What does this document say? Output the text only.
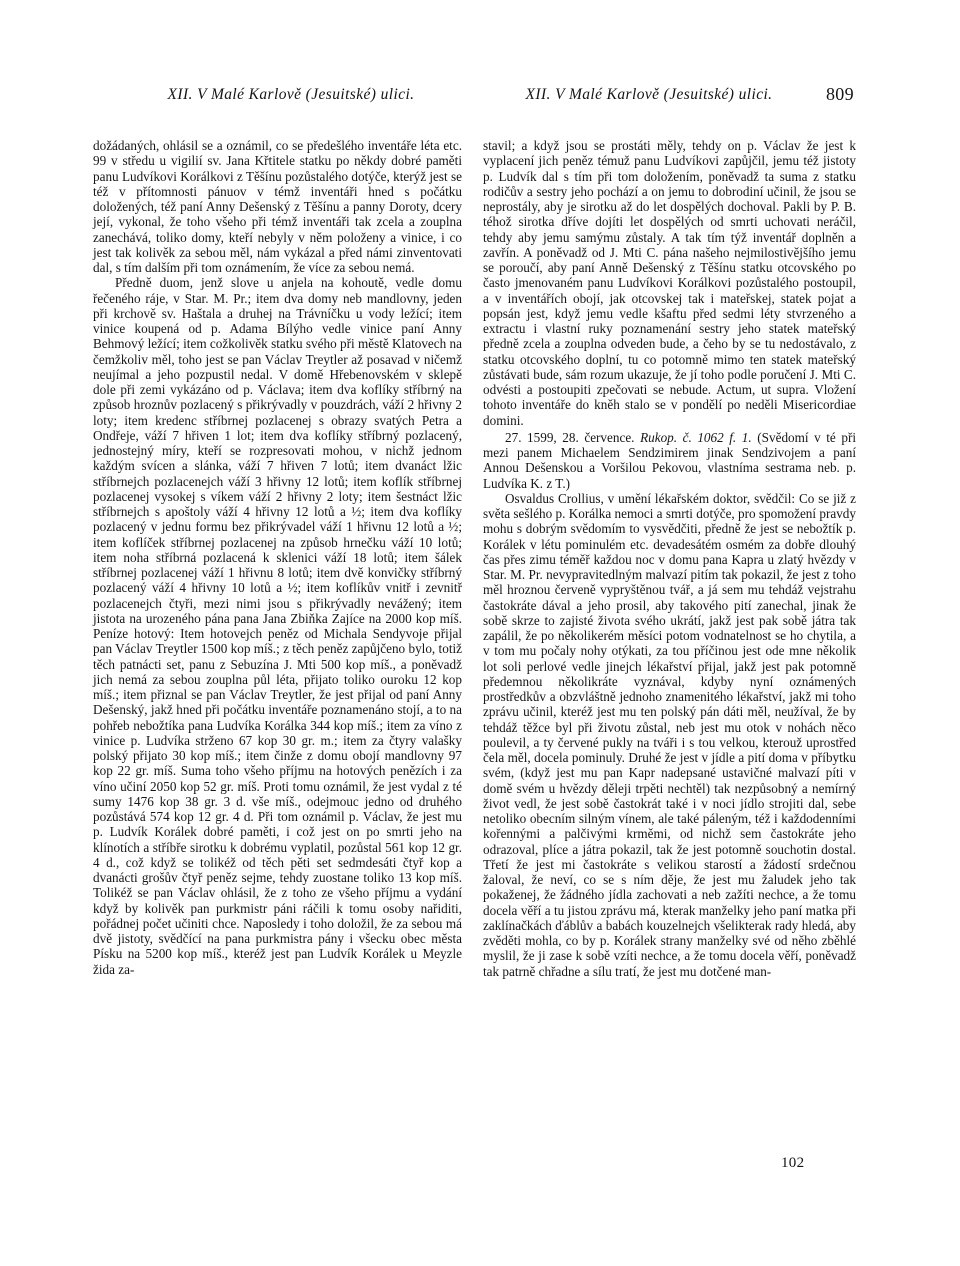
XII. V Malé Karlově (Jesuitské) ulici.	XII. V Malé Karlově (Jesuitské) ulici.	809

dožádaných, ohlásil se a oznámil, co se předešlého inventáře léta etc. 99 v středu u vigilií sv. Jana Křtitele statku po někdy dobré paměti panu Ludvíkovi Korálkovi z Těšínu pozůstalého dotýče, kterýž jest se též v přítomnosti pánuov v témž inventáři hned s počátku doložených, též paní Anny Dešenský z Těšínu a panny Doroty, dcery její, vykonal, že toho všeho při témž inventáři tak zcela a zouplna zanechává, toliko domy, kteří nebyly v něm položeny a vinice, i co jest tak kolivěk za sebou měl, nám vykázal a před námi zinventovati dal, s tím dalším při tom oznámením, že více za sebou nemá.

Předně duom, jenž slove u anjela na kohoutě, vedle domu řečeného ráje, v Star. M. Pr.; item dva domy neb mandlovny, jeden při krchově sv. Haštala a druhej na Trávníčku u vody ležící; item vinice koupená od p. Adama Bílýho vedle vinice paní Anny Behmový ležící; item cožkolivěk statku svého při městě Klatovech na čemžkoliv měl, toho jest se pan Václav Treytler až posavad v ničemž neujímal a jeho pozpustil nedal. V domě Hřebenovském v sklepě dole při zemi vykázáno od p. Václava; item dva koflíky stříbrný na způsob hroznův pozlacený s přikrývadly v pouzdrách, váží 2 hřivny 2 loty; item kredenc stříbrnej pozlacenej s obrazy svatých Petra a Ondřeje, váží 7 hřiven 1 lot; item dva koflíky stříbrný pozlacený, jednostejný míry, kteří se rozpresovati mohou, v nichž jednom každým svícen a slánka, váží 7 hřiven 7 lotů; item dvanáct lžic stříbrnejch pozlacenejch váží 3 hřivny 12 lotů; item koflík stříbrnej pozlacenej vysokej s víkem váží 2 hřivny 2 loty; item šestnáct lžic stříbrnejch s apoštoly váží 4 hřivny 12 lotů a ½; item dva koflíky pozlacený v jednu formu bez přikrývadel váží 1 hřivnu 12 lotů a ½; item koflíček stříbrnej pozlacenej na způsob hrnečku váží 10 lotů; item noha stříbrná pozlacená k sklenici váží 18 lotů; item šálek stříbrnej pozlacenej váží 1 hřivnu 8 lotů; item dvě konvičky stříbrný pozlacený váží 4 hřivny 10 lotů a ½; item koflíkův vnitř i zevnitř pozlacenejch čtyři, mezi nimi jsou s přikrývadly nevážený; item jistota na urozeného pána pana Jana Zbiňka Zajíce na 2000 kop míš. Peníze hotový: Item hotovejch peněz od Michala Sendyvoje přijal pan Václav Treytler 1500 kop míš.; z těch peněz zapůjčeno bylo, totiž těch patnácti set, panu z Sebuzína J. Mti 500 kop míš., a poněvadž jich nemá za sebou zouplna půl léta, přijato toliko ouroku 12 kop míš.; item přiznal se pan Václav Treytler, že jest přijal od paní Anny Dešenský, jakž hned při počátku inventáře poznamenáno stojí, a to na pohřeb nebožtíka pana Ludvíka Korálka 344 kop míš.; item za víno z vinice p. Ludvíka strženo 67 kop 30 gr. m.; item za čtyry valašky polský přijato 30 kop míš.; item činže z domu obojí mandlovny 97 kop 22 gr. míš. Suma toho všeho příjmu na hotových penězích i za víno učiní 2050 kop 52 gr. míš. Proti tomu oznámil, že jest vydal z té sumy 1476 kop 38 gr. 3 d. vše míš., odejmouc jedno od druhého pozůstává 574 kop 12 gr. 4 d. Při tom oznámil p. Václav, že jest mu p. Ludvík Korálek dobré paměti, i což jest on po smrti jeho na klínotích a stříbře sirotku k dobrému vyplatil, pozůstal 561 kop 12 gr. 4 d., což když se tolikéž od těch pěti set sedmdesáti čtyř kop a dvanácti grošův čtyř peněz sejme, tehdy zuostane toliko 13 kop míš. Tolikéž se pan Václav ohlásil, že z toho ze všeho příjmu a vydání když by kolivěk pan purkmistr páni ráčili k tomu osoby nařiditi, pořádnej počet učiniti chce. Naposledy i toho doložil, že za sebou má dvě jistoty, svědčící na pana purkmistra pány i všecku obec města Písku na 5200 kop míš., kteréž jest pan Ludvík Korálek u Meyzle žida za-

stavil; a když jsou se prostáti měly, tehdy on p. Václav že jest k vyplacení jich peněz témuž panu Ludvíkovi zapůjčil, jemu též jistoty p. Ludvík dal s tím při tom doložením, poněvadž ta suma z statku rodičův a sestry jeho pochází a on jemu to dobrodiní učinil, že jsou se neprostály, aby je sirotku až do let dospělých dochoval. Pakli by P. B. téhož sirotka dříve dojíti let dospělých od smrti uchovati neráčil, tehdy aby jemu samýmu zůstaly. A tak tím týž inventář doplněn a zavřín. A poněvadž od J. Mti C. pána našeho nejmilostivějšího jemu se poroučí, aby paní Anně Dešenský z Těšínu statku otcovského po často jmenovaném panu Ludvíkovi Korálkovi pozůstalého postoupil, a v inventářích obojí, jak otcovskej tak i mateřskej, statek pojat a popsán jest, když jemu vedle kšaftu před sedmi léty stvrzeného a extractu i vlastní ruky poznamenání sestry jeho statek mateřský předně zcela a zouplna odveden bude, a čeho by se tu nedostávalo, z statku otcovského doplní, tu co potomně mimo ten statek mateřský zůstávati bude, sám rozum ukazuje, že jí toho podle poručení J. Mti C. odvésti a postoupiti zpečovati se nebude. Actum, ut supra. Vložení tohoto inventáře do kněh stalo se v pondělí po neděli Misericordiae domini.

27. 1599, 28. července. Rukop. č. 1062 f. 1. (Svědomí v té při mezi panem Michaelem Sendzimirem jinak Sendzivojem a paní Annou Dešenskou a Voršilou Pekovou, vlastníma sestrama neb. p. Ludvíka K. z T.)

Osvaldus Crollius, v umění lékařském doktor, svědčil: Co se již z světa sešlého p. Korálka nemoci a smrti dotýče, pro spomožení pravdy mohu s dobrým svědomím to vysvědčiti, předně že jest se nebožtík p. Korálek v létu pominulém etc. devadesátém osmém za dobře dlouhý čas přes zimu téměř každou noc v domu pana Kapra u zlatý hvězdy v Star. M. Pr. nevypravitedlným malvazí pitím tak pokazil, že jest z toho měl hroznou červeně vypryštěnou tvář, a já sem mu tehdáž vejstrahu častokráte dával a jeho prosil, aby takového pití zanechal, jinak že sobě skrze to zajisté života svého ukrátí, jakž jest pak sobě játra tak zapálil, že po několikerém měsíci potom vodnatelnost se ho chytila, a v tom mu počaly nohy otýkati, za tou příčinou jest ode mne několik lot soli perlové vedle jinejch lékařství přijal, jakž jest pak potomně předemnou několikráte vyznával, kdyby nyní oznámených prostředkův a obzvláštně jednoho znamenitého lékařství, jakž mi toho zprávu učinil, kteréž jest mu ten polský pán dáti měl, neužíval, že by tehdáž těžce byl při životu zůstal, neb jest mu otok v nohách něco poulevil, a ty červené pukly na tváři i s tou velkou, kterouž uprostřed čela měl, docela pominuly. Druhé že jest v jídle a pití doma v příbytku svém, (když jest mu pan Kapr nadepsané ustavičné malvazí píti v domě svém u hvězdy děleji trpěti nechtěl) tak nezpůsobný a nemírný život vedl, že jest sobě častokrát také i v noci jídlo strojiti dal, sebe netoliko obecním silným vínem, ale také páleným, též i každodenními kořennými a palčivými krměmi, od nichž sem častokráte jeho odrazoval, plíce a játra pokazil, tak že jest potomně souchotin dostal. Třetí že jest mi častokráte s velikou starostí a žádostí srdečnou žaloval, že neví, co se s ním děje, že jest mu žaludek jeho tak pokaženej, že žádného jídla zachovati a neb zažíti nechce, a že tomu docela věří a tu jistou zprávu má, kterak manželky jeho paní matka při zaklínačkách ďáblův a babách kouzelnejch všelikterak rady hledá, aby zvěděti mohla, co by p. Korálek strany manželky své od něho zběhlé myslil, že ji zase k sobě vzíti nechce, a že tomu docela věří, poněvadž tak patrně chřadne a sílu tratí, že jest mu dotčené man-

102
